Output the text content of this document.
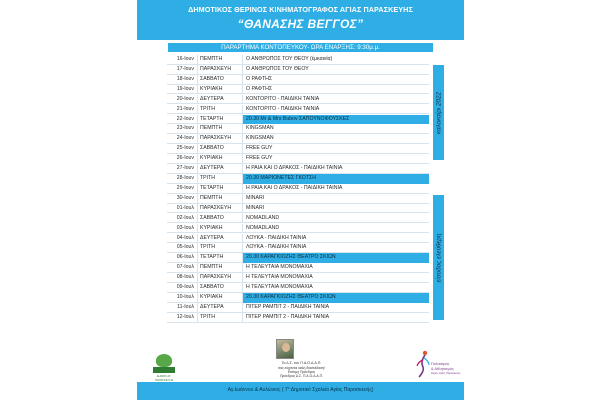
ΔΗΜΟΤΙΚΟΣ ΘΕΡΙΝΟΣ ΚΙΝΗΜΑΤΟΓΡΑΦΟΣ ΑΓΙΑΣ ΠΑΡΑΣΚΕΥΗΣ
“ΘΑΝΑΣΗΣ ΒΕΓΓΟΣ”
ΠΑΡΑΡΤΗΜΑ ΚΟΝΤΟΠΕΥΚΟΥ- ΩΡΑ ΕΝΑΡΞΗΣ: 9:30μ.μ.
16-Ιουν	ΠΕΜΠΤΗ	Ο ΑΝΘΡΩΠΟΣ ΤΟΥ ΘΕΟΥ (έμκαινία)
17-Ιουν	ΠΑΡΑΣΚΕΥΗ	Ο ΑΝΘΡΩΠΟΣ ΤΟΥ ΘΕΟΥ
18-Ιουν	ΣΑΒΒΑΤΟ	Ο ΡΑΦΤΗΣ
19-Ιουν	ΚΥΡΙΑΚΗ	Ο ΡΑΦΤΗΣ
20-Ιουν	ΔΕΥΤΕΡΑ	ΚΟΝΤΟΡΙΤΟ - ΠΑΙΔΙΚΗ ΤΑΙΝΙΑ
21-Ιουν	ΤΡΙΤΗ	ΚΟΝΤΟΡΙΤΟ - ΠΑΙΔΙΚΗ ΤΑΙΝΙΑ
22-Ιουν	ΤΕΤΑΡΤΗ	20.30 Mr & Mrs Bubov ΣΑΠΟΥΝΟΦΟΥΣΚΕΣ
23-Ιουν	ΠΕΜΠΤΗ	KINGSMAN
24-Ιουν	ΠΑΡΑΣΚΕΥΗ	KINGSMAN
25-Ιουν	ΣΑΒΒΑΤΟ	FREE GUY
26-Ιουν	ΚΥΡΙΑΚΗ	FREE GUY
27-Ιουν	ΔΕΥΤΕΡΑ	Η ΡΑΙΑ ΚΑΙ Ο ΔΡΑΚΟΣ - ΠΑΙΔΙΚΗ ΤΑΙΝΙΑ
28-Ιουν	ΤΡΙΤΗ	20.30 ΜΑΡΙΟΝΕΤΕΣ ΓΚΟΤΣΗ
29-Ιουν	ΤΕΤΑΡΤΗ	Η ΡΑΙΑ ΚΑΙ Ο ΔΡΑΚΟΣ - ΠΑΙΔΙΚΗ ΤΑΙΝΙΑ
30-Ιουν	ΠΕΜΠΤΗ	MINARI
01-Ιουλ	ΠΑΡΑΣΚΕΥΗ	MINARI
02-Ιουλ	ΣΑΒΒΑΤΟ	NOMADLAND
03-Ιουλ	ΚΥΡΙΑΚΗ	NOMADLAND
04-Ιουλ	ΔΕΥΤΕΡΑ	ΛΟΥΚΑ - ΠΑΙΔΙΚΗ ΤΑΙΝΙΑ
05-Ιουλ	ΤΡΙΤΗ	ΛΟΥΚΑ - ΠΑΙΔΙΚΗ ΤΑΙΝΙΑ
06-Ιουλ	ΤΕΤΑΡΤΗ	20.30 ΚΑΡΑΓΚΙΟΖΗΣ ΘΕΑΤΡΟ ΣΚΙΩΝ
07-Ιουλ	ΠΕΜΠΤΗ	Η ΤΕΛΕΥΤΑΙΑ ΜΟΝΟΜΑΧΙΑ
08-Ιουλ	ΠΑΡΑΣΚΕΥΗ	Η ΤΕΛΕΥΤΑΙΑ ΜΟΝΟΜΑΧΙΑ
09-Ιουλ	ΣΑΒΒΑΤΟ	Η ΤΕΛΕΥΤΑΙΑ ΜΟΝΟΜΑΧΙΑ
10-Ιουλ	ΚΥΡΙΑΚΗ	20.30 ΚΑΡΑΓΚΙΟΖΗΣ ΘΕΑΤΡΟ ΣΚΙΩΝ
11-Ιουλ	ΔΕΥΤΕΡΑ	ΠΙΤΕΡ ΡΑΜΠΙΤ 2 - ΠΑΙΔΙΚΗ ΤΑΙΝΙΑ
12-Ιουλ	ΤΡΙΤΗ	ΠΙΤΕΡ ΡΑΜΠΙΤ 2 - ΠΑΙΔΙΚΗ ΤΑΙΝΙΑ
καλοκαίρι 2022
είσοδος ελεύθερη
ΔΗΜΟΣ ΑΓ. ΠΑΡΑΣΚΕΥΗΣ
Τα Δ.Σ. του Π.Α.Ο.Δ.Α.Π.
σας εύχονται καλή διασκέδαση!
Επίτιμη Πρόεδρος
Πρόεδρος Δ.Σ. Π.Α.Ο.Δ.Α.Π.
Πολιτισμός
& Αθλητισμός
Δήμος Αγίας Παρασκευής
Αγ.Ιωάννου & Αυλώνιος ( 7° Δημοτικό Σχολείο Αγίας Παρασκευής)
